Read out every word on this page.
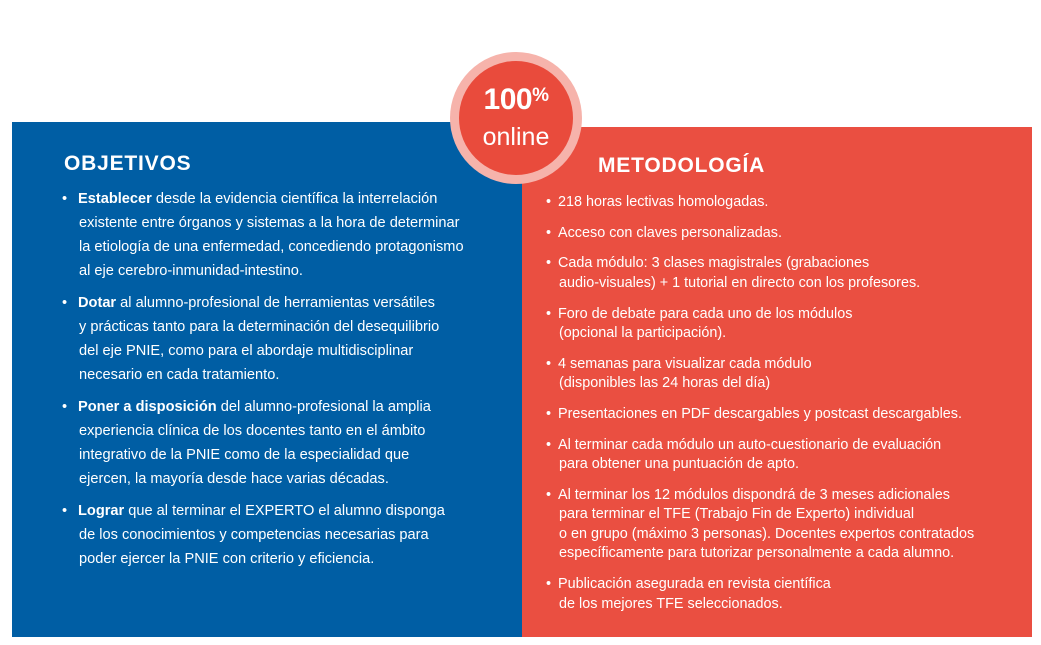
OBJETIVOS
• Establecer desde la evidencia científica la interrelación
existente entre órganos y sistemas a la hora de determinar
la etiología de una enfermedad, concediendo protagonismo
al eje cerebro-inmunidad-intestino.
• Dotar al alumno-profesional de herramientas versátiles
y prácticas tanto para la determinación del desequilibrio
del eje PNIE, como para el abordaje multidisciplinar
necesario en cada tratamiento.
• Poner a disposición del alumno-profesional la amplia
experiencia clínica de los docentes tanto en el ámbito
integrativo de la PNIE como de la especialidad que
ejercen, la mayoría desde hace varias décadas.
• Lograr que al terminar el EXPERTO el alumno disponga
de los conocimientos y competencias necesarias para
poder ejercer la PNIE con criterio y eficiencia.
METODOLOGÍA
• 218 horas lectivas homologadas.
• Acceso con claves personalizadas.
• Cada módulo: 3 clases magistrales (grabaciones
audio-visuales) + 1 tutorial en directo con los profesores.
• Foro de debate para cada uno de los módulos
(opcional la participación).
• 4 semanas para visualizar cada módulo
(disponibles las 24 horas del día)
• Presentaciones en PDF descargables y postcast descargables.
• Al terminar cada módulo un auto-cuestionario de evaluación
para obtener una puntuación de apto.
• Al terminar los 12 módulos dispondrá de 3 meses adicionales
para terminar el TFE (Trabajo Fin de Experto) individual
o en grupo (máximo 3 personas). Docentes expertos contratados
específicamente para tutorizar personalmente a cada alumno.
• Publicación asegurada en revista científica
de los mejores TFE seleccionados.
100%
online
